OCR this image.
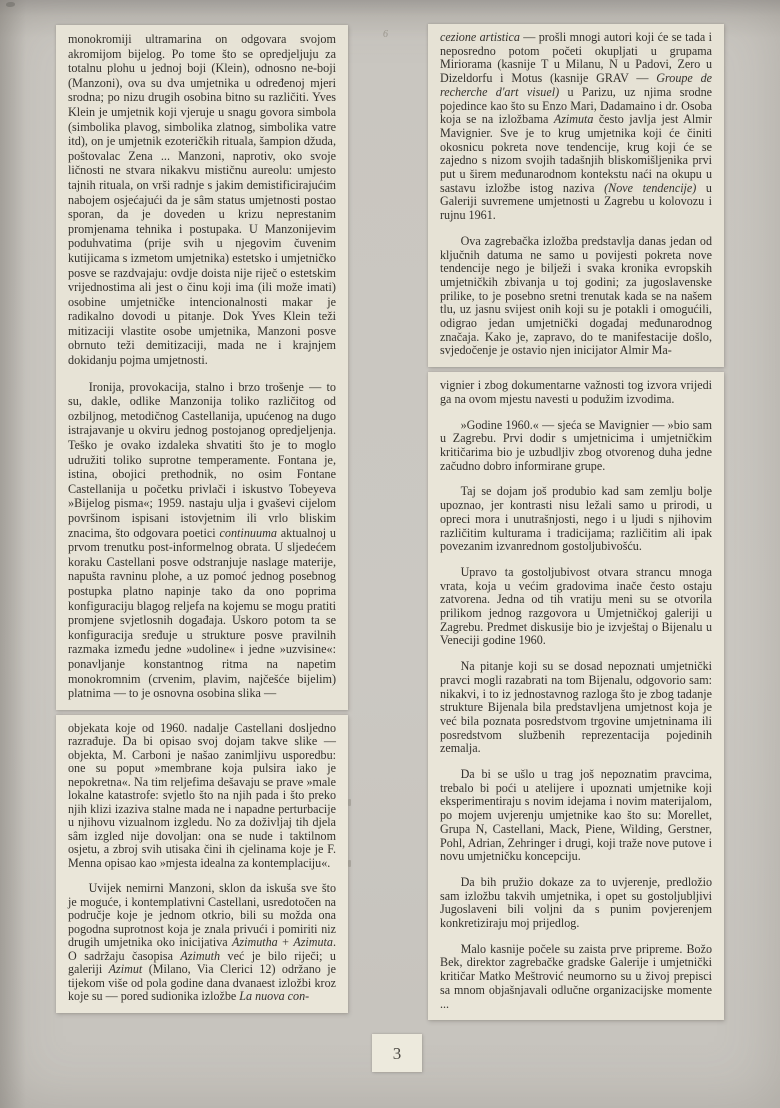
6

monokromiji ultramarina on odgovara svojom akromijom bijelog. Po tome što se opredjeljuju za totalnu plohu u jednoj boji (Klein), odnosno ne-boji (Manzoni), ova su dva umjetnika u određenoj mjeri srodna; po nizu drugih osobina bitno su različiti. Yves Klein je umjetnik koji vjeruje u snagu govora simbola (simbolika plavog, simbolika zlatnog, simbolika vatre itd), on je umjetnik ezoteričkih rituala, šampion džuda, poštovalac Zena ... Manzoni, naprotiv, oko svoje ličnosti ne stvara nikakvu mističnu aureolu: umjesto tajnih rituala, on vrši radnje s jakim demistificirajućim nabojem osjećajući da je sâm status umjetnosti postao sporan, da je doveden u krizu neprestanim promjenama tehnika i postupaka. U Manzonijevim poduhvatima (prije svih u njegovim čuvenim kutijicama s izmetom umjetnika) estetsko i umjetničko posve se razdvajaju: ovdje doista nije riječ o estetskim vrijednostima ali jest o činu koji ima (ili može imati) osobine umjetničke intencionalnosti makar je radikalno dovodi u pitanje. Dok Yves Klein teži mitizaciji vlastite osobe umjetnika, Manzoni posve obrnuto teži demitizaciji, mada ne i krajnjem dokidanju pojma umjetnosti.

Ironija, provokacija, stalno i brzo trošenje — to su, dakle, odlike Manzonija toliko različitog od ozbiljnog, metodičnog Castellanija, upućenog na dugo istrajavanje u okviru jednog postojanog opredjeljenja. Teško je ovako izdaleka shvatiti što je to moglo udružiti toliko suprotne temperamente. Fontana je, istina, obojici prethodnik, no osim Fontane Castellanija u početku privlači i iskustvo Tobeyeva »Bijelog pisma«; 1959. nastaju ulja i gvaševi cijelom površinom ispisani istovjetnim ili vrlo bliskim znacima, što odgovara poetici continuuma aktualnoj u prvom trenutku post-informelnog obrata. U sljedećem koraku Castellani posve odstranjuje naslage materije, napušta ravninu plohe, a uz pomoć jednog posebnog postupka platno napinje tako da ono poprima konfiguraciju blagog reljefa na kojemu se mogu pratiti promjene svjetlosnih događaja. Uskoro potom ta se konfiguracija sređuje u strukture posve pravilnih razmaka između jedne »udoline« i jedne »uzvisine«: ponavljanje konstantnog ritma na napetim monokromnim (crvenim, plavim, najčešće bijelim) platnima — to je osnovna osobina slika —

objekata koje od 1960. nadalje Castellani dosljedno razrađuje. Da bi opisao svoj dojam takve slike — objekta, M. Carboni je našao zanimljivu usporedbu: one su poput »membrane koja pulsira iako je nepokretna«. Na tim reljefima dešavaju se prave »male lokalne katastrofe: svjetlo što na njih pada i što preko njih klizi izaziva stalne mada ne i napadne perturbacije u njihovu vizualnom izgledu. No za doživljaj tih djela sâm izgled nije dovoljan: ona se nude i taktilnom osjetu, a zbroj svih utisaka čini ih cjelinama koje je F. Menna opisao kao »mjesta idealna za kontemplaciju«.

Uvijek nemirni Manzoni, sklon da iskuša sve što je moguće, i kontemplativni Castellani, usredotočen na područje koje je jednom otkrio, bili su možda ona pogodna suprotnost koja je znala privući i pomiriti niz drugih umjetnika oko inicijativa Azimutha + Azimuta. O sadržaju časopisa Azimuth već je bilo riječi; u galeriji Azimut (Milano, Via Clerici 12) održano je tijekom više od pola godine dana dvanaest izložbi kroz koje su — pored sudionika izložbe La nuova con-

cezione artistica — prošli mnogi autori koji će se tada i neposredno potom početi okupljati u grupama Miriorama (kasnije T u Milanu, N u Padovi, Zero u Dizeldorfu i Motus (kasnije GRAV — Groupe de recherche d'art visuel) u Parizu, uz njima srodne pojedince kao što su Enzo Mari, Dadamaino i dr. Osoba koja se na izložbama Azimuta često javlja jest Almir Mavignier. Sve je to krug umjetnika koji će činiti okosnicu pokreta nove tendencije, krug koji će se zajedno s nizom svojih tadašnjih bliskomišljenika prvi put u širem međunarodnom kontekstu naći na okupu u sastavu izložbe istog naziva (Nove tendencije) u Galeriji suvremene umjetnosti u Zagrebu u kolovozu i rujnu 1961.

Ova zagrebačka izložba predstavlja danas jedan od ključnih datuma ne samo u povijesti pokreta nove tendencije nego je bilježi i svaka kronika evropskih umjetničkih zbivanja u toj godini; za jugoslavenske prilike, to je posebno sretni trenutak kada se na našem tlu, uz jasnu svijest onih koji su je potakli i omogućili, odigrao jedan umjetnički događaj međunarodnog značaja. Kako je, zapravo, do te manifestacije došlo, svjedočenje je ostavio njen inicijator Almir Ma-

vignier i zbog dokumentarne važnosti tog izvora vrijedi ga na ovom mjestu navesti u podužim izvodima.

»Godine 1960.« — sjeća se Mavignier — »bio sam u Zagrebu. Prvi dodir s umjetnicima i umjetničkim kritičarima bio je uzbudljiv zbog otvorenog duha jedne začudno dobro informirane grupe.

Taj se dojam još produbio kad sam zemlju bolje upoznao, jer kontrasti nisu ležali samo u prirodi, u opreci mora i unutrašnjosti, nego i u ljudi s njihovim različitim kulturama i tradicijama; različitim ali ipak povezanim izvanrednom gostoljubivošću.

Upravo ta gostoljubivost otvara strancu mnoga vrata, koja u većim gradovima inače često ostaju zatvorena. Jedna od tih vratiju meni su se otvorila prilikom jednog razgovora u Umjetničkoj galeriji u Zagrebu. Predmet diskusije bio je izvještaj o Bijenalu u Veneciji godine 1960.

Na pitanje koji su se dosad nepoznati umjetnički pravci mogli razabrati na tom Bijenalu, odgovorio sam: nikakvi, i to iz jednostavnog razloga što je zbog tadanje strukture Bijenala bila predstavljena umjetnost koja je već bila poznata posredstvom trgovine umjetninama ili posredstvom službenih reprezentacija pojedinih zemalja.

Da bi se ušlo u trag još nepoznatim pravcima, trebalo bi poći u atelijere i upoznati umjetnike koji eksperimentiraju s novim idejama i novim materijalom, po mojem uvjerenju umjetnike kao što su: Morellet, Grupa N, Castellani, Mack, Piene, Wilding, Gerstner, Pohl, Adrian, Zehringer i drugi, koji traže nove putove i novu umjetničku koncepciju.

Da bih pružio dokaze za to uvjerenje, predložio sam izložbu takvih umjetnika, i opet su gostoljubljivi Jugoslaveni bili voljni da s punim povjerenjem konkretiziraju moj prijedlog.

Malo kasnije počele su zaista prve pripreme. Božo Bek, direktor zagrebačke gradske Galerije i umjetnički kritičar Matko Meštrović neumorno su u živoj prepisci sa mnom objašnjavali odlučne organizacijske momente ...

3
